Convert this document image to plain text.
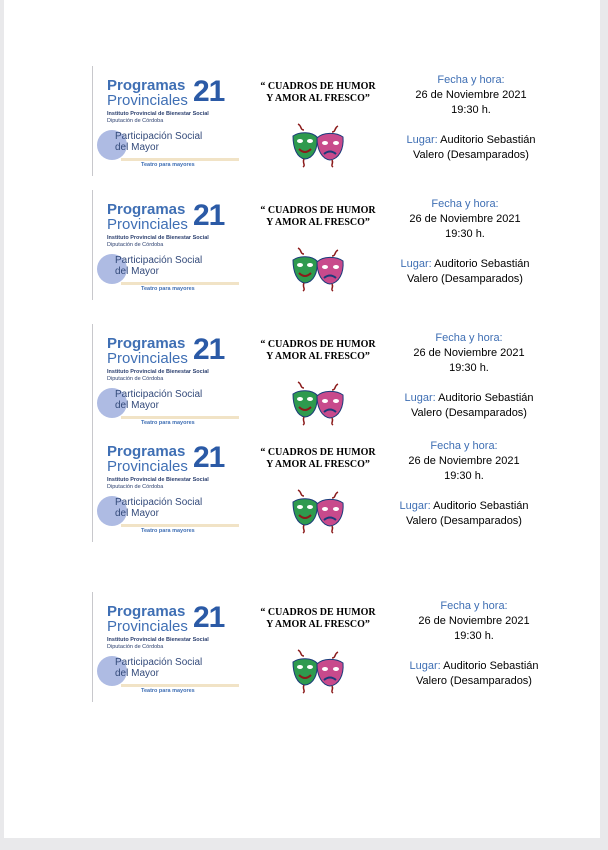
Programas
Provinciales 21
Instituto Provincial de Bienestar Social
Diputación de Córdoba
Participación Social
del Mayor
Teatro para mayores
“ CUADROS DE HUMOR
Y AMOR AL FRESCO”
Fecha y hora:
26 de Noviembre 2021
19:30 h.
Lugar: Auditorio Sebastián
Valero (Desamparados)
Programas
Provinciales 21
Instituto Provincial de Bienestar Social
Diputación de Córdoba
Participación Social
del Mayor
Teatro para mayores
“ CUADROS DE HUMOR
Y AMOR AL FRESCO”
Fecha y hora:
26 de Noviembre 2021
19:30 h.
Lugar: Auditorio Sebastián
Valero (Desamparados)
Programas
Provinciales 21
Instituto Provincial de Bienestar Social
Diputación de Córdoba
Participación Social
del Mayor
Teatro para mayores
“ CUADROS DE HUMOR
Y AMOR AL FRESCO”
Fecha y hora:
26 de Noviembre 2021
19:30 h.
Lugar: Auditorio Sebastián
Valero (Desamparados)
Programas
Provinciales 21
Instituto Provincial de Bienestar Social
Diputación de Córdoba
Participación Social
del Mayor
Teatro para mayores
“ CUADROS DE HUMOR
Y AMOR AL FRESCO”
Fecha y hora:
26 de Noviembre 2021
19:30 h.
Lugar: Auditorio Sebastián
Valero (Desamparados)
Programas
Provinciales 21
Instituto Provincial de Bienestar Social
Diputación de Córdoba
Participación Social
del Mayor
Teatro para mayores
“ CUADROS DE HUMOR
Y AMOR AL FRESCO”
Fecha y hora:
26 de Noviembre 2021
19:30 h.
Lugar: Auditorio Sebastián
Valero (Desamparados)
